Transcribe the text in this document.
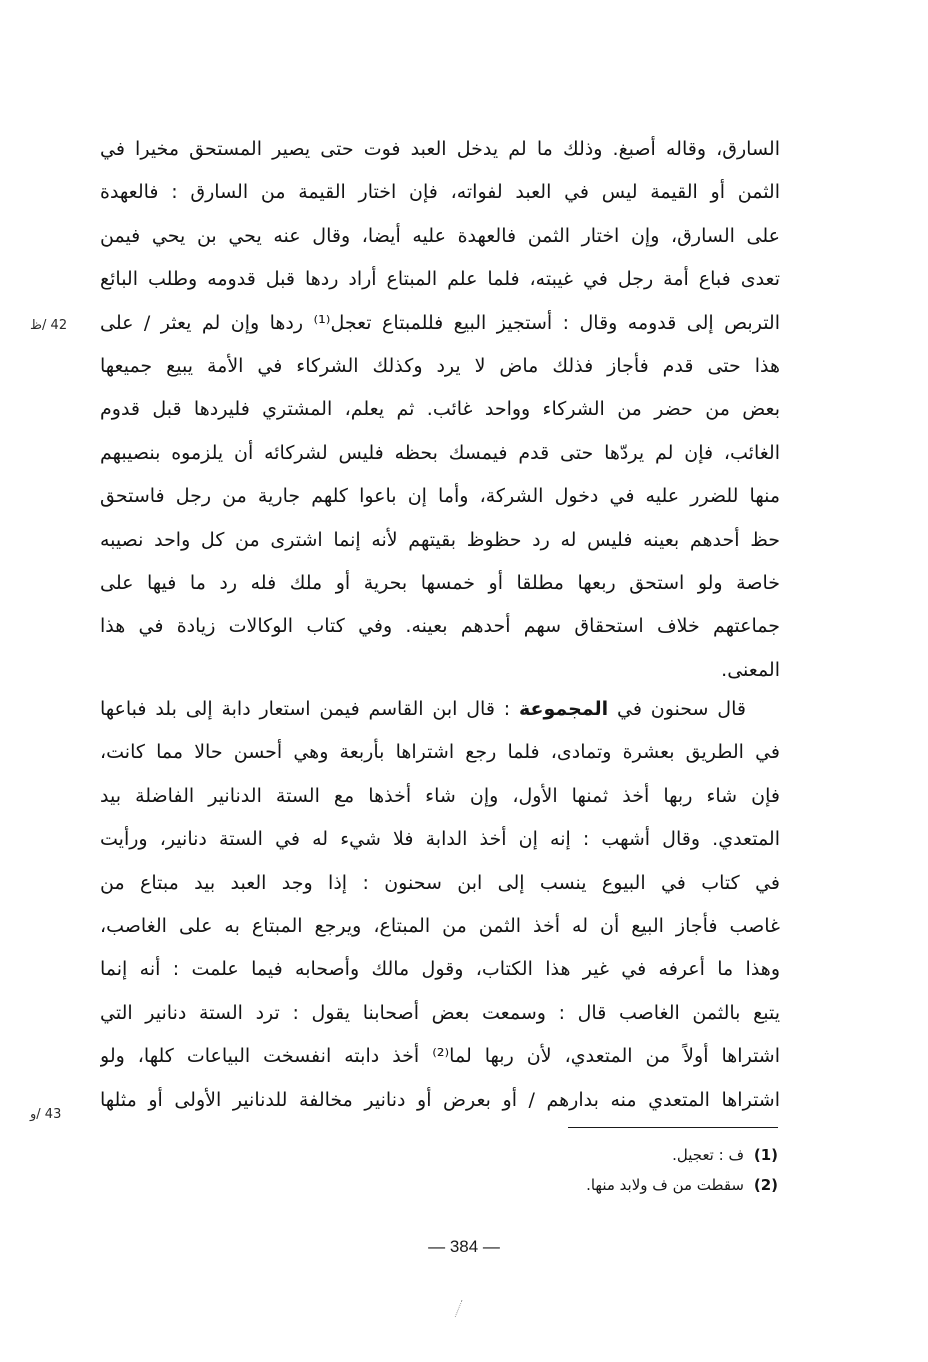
السارق، وقاله أصبغ. وذلك ما لم يدخل العبد فوت حتى يصير المستحق مخيرا في
الثمن أو القيمة ليس في العبد لفواته، فإن اختار القيمة من السارق : فالعهدة
على السارق، وإن اختار الثمن فالعهدة عليه أيضا، وقال عنه يحي بن يحي فيمن
تعدى فباع أمة رجل في غيبته، فلما علم المبتاع أراد ردها قبل قدومه وطلب البائع
التربص إلى قدومه وقال : أستجيز البيع فللمبتاع تعجل⁽¹⁾ ردها وإن لم يعثر / على
هذا حتى قدم فأجاز فذلك ماض لا يرد وكذلك الشركاء في الأمة يبيع جميعها
بعض من حضر من الشركاء وواحد غائب. ثم يعلم، المشتري فليردها قبل قدوم
الغائب، فإن لم يردّها حتى قدم فيمسك بحظه فليس لشركائه أن يلزموه بنصيبهم
منها للضرر عليه في دخول الشركة، وأما إن باعوا كلهم جارية من رجل فاستحق
حظ أحدهم بعينه فليس له رد حظوظ بقيتهم لأنه إنما اشترى من كل واحد نصيبه
خاصة ولو استحق ربعها مطلقا أو خمسها بحرية أو ملك فله رد ما فيها على
جماعتهم خلاف استحقاق سهم أحدهم بعينه. وفي كتاب الوكالات زيادة في هذا
المعنى.
42 /ظ
قال سحنون في المجموعة : قال ابن القاسم فيمن استعار دابة إلى بلد فباعها
في الطريق بعشرة وتمادى، فلما رجع اشتراها بأربعة وهي أحسن حالا مما كانت،
فإن شاء ربها أخذ ثمنها الأول، وإن شاء أخذها مع الستة الدنانير الفاضلة بيد
المتعدي. وقال أشهب : إنه إن أخذ الدابة فلا شيء له في الستة دنانير، ورأيت
في كتاب في البيوع ينسب إلى ابن سحنون : إذا وجد العبد بيد مبتاع من
غاصب فأجاز البيع أن له أخذ الثمن من المبتاع، ويرجع المبتاع به على الغاصب،
وهذا ما أعرفه في غير هذا الكتاب، وقول مالك وأصحابه فيما علمت : أنه إنما
يتبع بالثمن الغاصب قال : وسمعت بعض أصحابنا يقول : ترد الستة دنانير التي
اشتراها أولاً من المتعدي، لأن ربها لما⁽²⁾ أخذ دابته انفسخت البياعات كلها، ولو
اشتراها المتعدي منه بدارهم / أو بعرض أو دنانير مخالفة للدنانير الأولى أو مثلها
43 /و
(1)
ف : تعجيل.
(2)
سقطت من ف ولابد منها.
— 384 —
